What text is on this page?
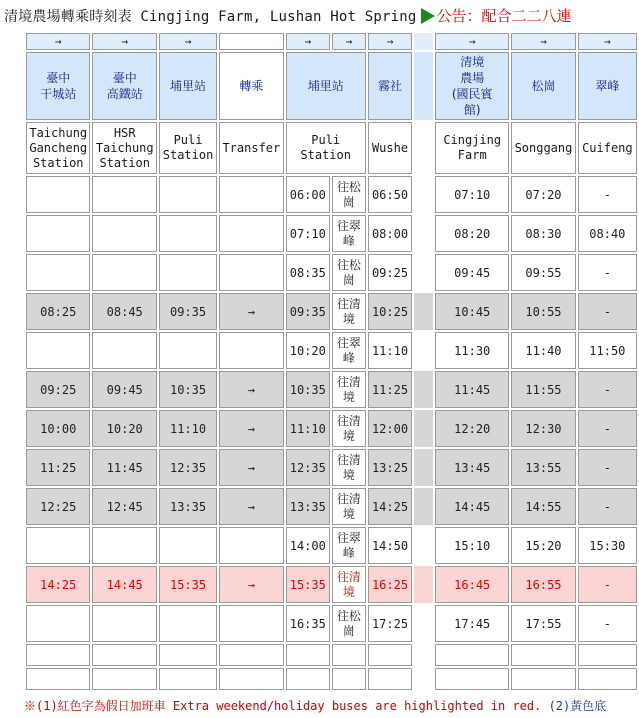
清境農場轉乘時刻表 Cingjing Farm, Lushan Hot Spring 公告：配合二二八連
→	→	→		→	→	→		→	→	→
臺中
干城站	臺中
高鐵站	埔里站	轉乘	埔里站		霧社		清境
農場
(國民賓
館)	松崗	翠峰
Taichung
Gancheng
Station	HSR
Taichung
Station	Puli
Station	Transfer	Puli
Station		Wushe		Cingjing
Farm	Songgang	Cuifeng
				06:00	往松
崗	06:50		07:10	07:20	-
				07:10	往翠
峰	08:00		08:20	08:30	08:40
				08:35	往松
崗	09:25		09:45	09:55	-
08:25	08:45	09:35	→	09:35	往清
境	10:25		10:45	10:55	-
				10:20	往翠
峰	11:10		11:30	11:40	11:50
09:25	09:45	10:35	→	10:35	往清
境	11:25		11:45	11:55	-
10:00	10:20	11:10	→	11:10	往清
境	12:00		12:20	12:30	-
11:25	11:45	12:35	→	12:35	往清
境	13:25		13:45	13:55	-
12:25	12:45	13:35	→	13:35	往清
境	14:25		14:45	14:55	-
				14:00	往翠
峰	14:50		15:10	15:20	15:30
14:25	14:45	15:35	→	15:35	往清
境	16:25		16:45	16:55	-
				16:35	往松
崗	17:25		17:45	17:55	-

※(1)紅色字為假日加班車 Extra weekend/holiday buses are highlighted in red. (2)黃色底
